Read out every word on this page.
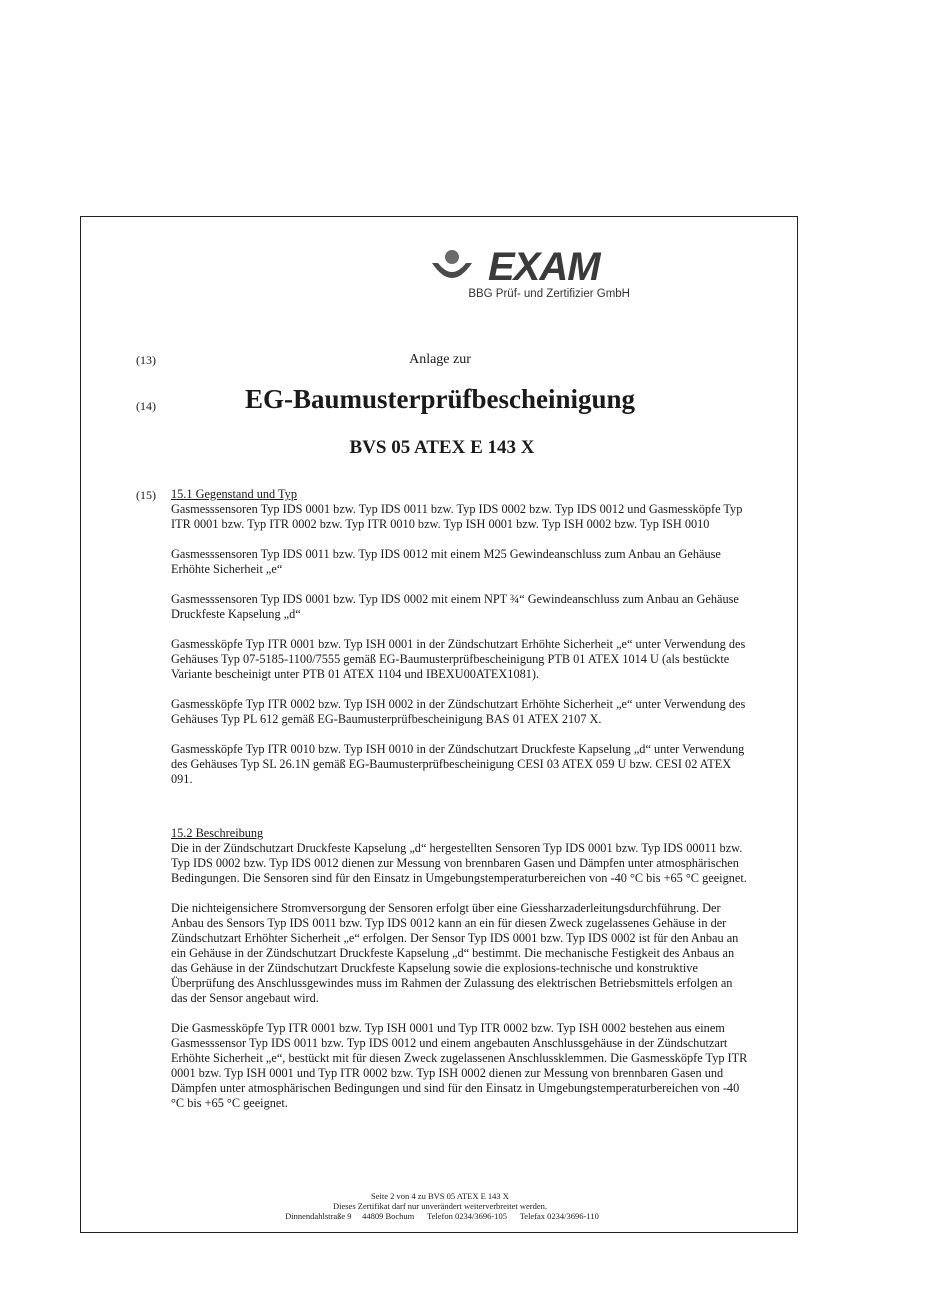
EXAM
BBG Prüf- und Zertifizier GmbH
(13)	Anlage zur
(14)	EG-Baumusterprüfbescheinigung
BVS 05 ATEX E 143 X
(15) 15.1 Gegenstand und Typ

Gasmesssensoren Typ IDS 0001 bzw. Typ IDS 0011 bzw. Typ IDS 0002 bzw. Typ IDS 0012 und Gasmessköpfe Typ ITR 0001 bzw. Typ ITR 0002 bzw. Typ ITR 0010 bzw. Typ ISH 0001 bzw. Typ ISH 0002 bzw. Typ ISH 0010

Gasmesssensoren Typ IDS 0011 bzw. Typ IDS 0012 mit einem M25 Gewindeanschluss zum Anbau an Gehäuse Erhöhte Sicherheit „e“

Gasmesssensoren Typ IDS 0001 bzw. Typ IDS 0002 mit einem NPT ¾“ Gewindeanschluss zum Anbau an Gehäuse Druckfeste Kapselung „d“

Gasmessköpfe Typ ITR 0001 bzw. Typ ISH 0001 in der Zündschutzart Erhöhte Sicherheit „e“ unter Verwendung des Gehäuses Typ 07-5185-1100/7555 gemäß EG-Baumusterprüfbescheinigung PTB 01 ATEX 1014 U (als bestückte Variante bescheinigt unter PTB 01 ATEX 1104 und IBEXU00ATEX1081).

Gasmessköpfe Typ ITR 0002 bzw. Typ ISH 0002 in der Zündschutzart Erhöhte Sicherheit „e“ unter Verwendung des Gehäuses Typ PL 612 gemäß EG-Baumusterprüfbescheinigung BAS 01 ATEX 2107 X.

Gasmessköpfe Typ ITR 0010 bzw. Typ ISH 0010 in der Zündschutzart Druckfeste Kapselung „d“ unter Verwendung des Gehäuses Typ SL 26.1N gemäß EG-Baumusterprüfbescheinigung CESI 03 ATEX 059 U bzw. CESI 02 ATEX 091.

15.2 Beschreibung

Die in der Zündschutzart Druckfeste Kapselung „d“ hergestellten Sensoren Typ IDS 0001 bzw. Typ IDS 00011 bzw. Typ IDS 0002 bzw. Typ IDS 0012 dienen zur Messung von brennbaren Gasen und Dämpfen unter atmosphärischen Bedingungen. Die Sensoren sind für den Einsatz in Umgebungstemperaturbereichen von -40 °C bis +65 °C geeignet.

Die nichteigensichere Stromversorgung der Sensoren erfolgt über eine Giessharzaderleitungsdurchführung. Der Anbau des Sensors Typ IDS 0011 bzw. Typ IDS 0012 kann an ein für diesen Zweck zugelassenes Gehäuse in der Zündschutzart Erhöhter Sicherheit „e“ erfolgen. Der Sensor Typ IDS 0001 bzw. Typ IDS 0002 ist für den Anbau an ein Gehäuse in der Zündschutzart Druckfeste Kapselung „d“ bestimmt. Die mechanische Festigkeit des Anbaus an das Gehäuse in der Zündschutzart Druckfeste Kapselung sowie die explosions-technische und konstruktive Überprüfung des Anschlussgewindes muss im Rahmen der Zulassung des elektrischen Betriebsmittels erfolgen an das der Sensor angebaut wird.

Die Gasmessköpfe Typ ITR 0001 bzw. Typ ISH 0001 und Typ ITR 0002 bzw. Typ ISH 0002 bestehen aus einem Gasmesssensor Typ IDS 0011 bzw. Typ IDS 0012 und einem angebauten Anschlussgehäuse in der Zündschutzart Erhöhte Sicherheit „e“, bestückt mit für diesen Zweck zugelassenen Anschlussklemmen. Die Gasmessköpfe Typ ITR 0001 bzw. Typ ISH 0001 und Typ ITR 0002 bzw. Typ ISH 0002 dienen zur Messung von brennbaren Gasen und Dämpfen unter atmosphärischen Bedingungen und sind für den Einsatz in Umgebungstemperaturbereichen von -40 °C bis +65 °C geeignet.

Seite 2 von 4 zu BVS 05 ATEX E 143 X
Dieses Zertifikat darf nur unverändert weiterverbreitet werden.
Dinnendahlstraße 9 44809 Bochum Telefon 0234/3696-105 Telefax 0234/3696-110
